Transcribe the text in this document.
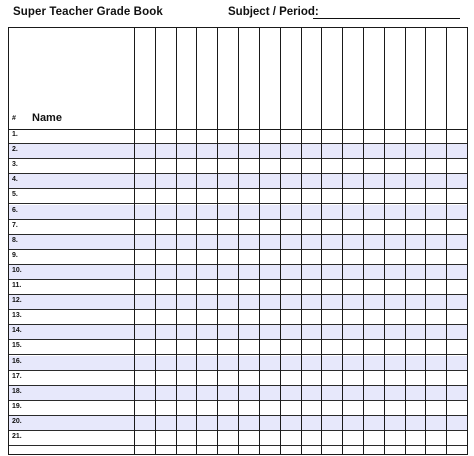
Super Teacher Grade Book	Subject / Period:
# Name
1.
2.
3.
4.
5.
6.
7.
8.
9.
10.
11.
12.
13.
14.
15.
16.
17.
18.
19.
20.
21.
